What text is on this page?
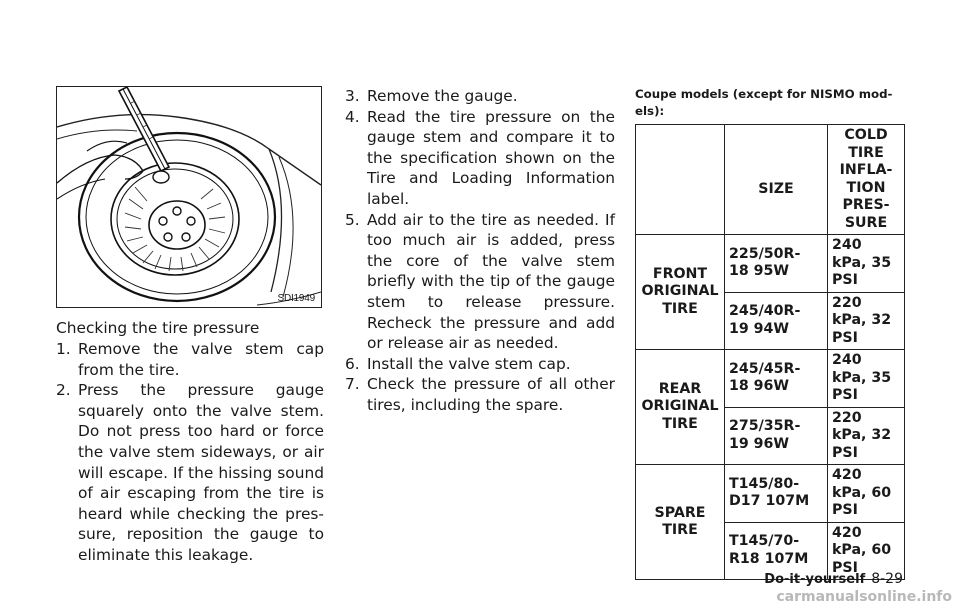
SDI1949
Checking the tire pressure
1. Remove the valve stem cap from the tire.
2. Press the pressure gauge squarely onto the valve stem. Do not press too hard or force the valve stem sideways, or air will escape. If the hissing sound of air escaping from the tire is heard while checking the pres- sure, reposition the gauge to eliminate this leakage.
3. Remove the gauge.
4. Read the tire pressure on the gauge stem and compare it to the specification shown on the Tire and Loading Information label.
5. Add air to the tire as needed. If too much air is added, press the core of the valve stem briefly with the tip of the gauge stem to release pressure. Recheck the pressure and add or release air as needed.
6. Install the valve stem cap.
7. Check the pressure of all other tires, including the spare.
Coupe models (except for NISMO mod- els):
	SIZE	COLD TIRE INFLA- TION PRES- SURE
FRONT ORIGINAL TIRE	225/50R- 18 95W	240 kPa, 35 PSI
	245/40R- 19 94W	220 kPa, 32 PSI
REAR ORIGINAL TIRE	245/45R- 18 96W	240 kPa, 35 PSI
	275/35R- 19 96W	220 kPa, 32 PSI
SPARE TIRE	T145/80- D17 107M	420 kPa, 60 PSI
	T145/70- R18 107M	420 kPa, 60 PSI
Do-it-yourself 8-29
carmanualsonline.info
